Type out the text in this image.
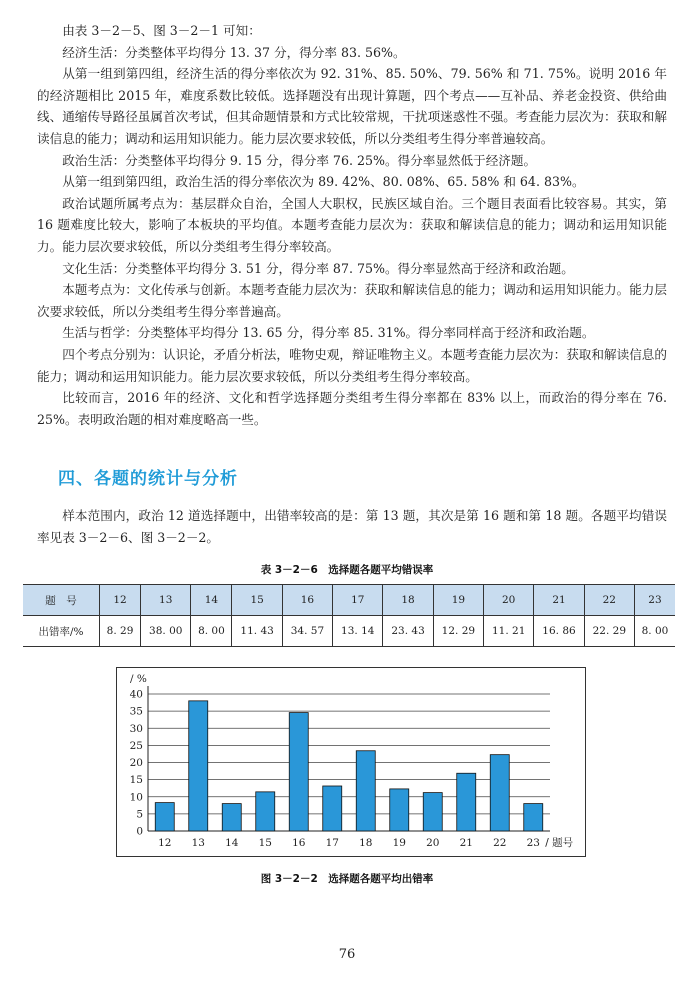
由表 3－2－5、图 3－2－1 可知：

经济生活：分类整体平均得分 13. 37 分，得分率 83. 56%。

从第一组到第四组，经济生活的得分率依次为 92. 31%、85. 50%、79. 56% 和 71. 75%。说明 2016 年的经济题相比 2015 年，难度系数比较低。选择题没有出现计算题，四个考点——互补品、养老金投资、供给曲线、通缩传导路径虽属首次考试，但其命题情景和方式比较常规，干扰项迷惑性不强。考查能力层次为：获取和解读信息的能力；调动和运用知识能力。能力层次要求较低，所以分类组考生得分率普遍较高。

政治生活：分类整体平均得分 9. 15 分，得分率 76. 25%。得分率显然低于经济题。

从第一组到第四组，政治生活的得分率依次为 89. 42%、80. 08%、65. 58% 和 64. 83%。

政治试题所属考点为：基层群众自治，全国人大职权，民族区域自治。三个题目表面看比较容易。其实，第 16 题难度比较大，影响了本板块的平均值。本题考查能力层次为：获取和解读信息的能力；调动和运用知识能力。能力层次要求较低，所以分类组考生得分率较高。

文化生活：分类整体平均得分 3. 51 分，得分率 87. 75%。得分率显然高于经济和政治题。

本题考点为：文化传承与创新。本题考查能力层次为：获取和解读信息的能力；调动和运用知识能力。能力层次要求较低，所以分类组考生得分率普遍高。

生活与哲学：分类整体平均得分 13. 65 分，得分率 85. 31%。得分率同样高于经济和政治题。

四个考点分别为：认识论，矛盾分析法，唯物史观，辩证唯物主义。本题考查能力层次为：获取和解读信息的能力；调动和运用知识能力。能力层次要求较低，所以分类组考生得分率较高。

比较而言，2016 年的经济、文化和哲学选择题分类组考生得分率都在 83% 以上，而政治的得分率在 76. 25%。表明政治题的相对难度略高一些。

四、各题的统计与分析

样本范围内，政治 12 道选择题中，出错率较高的是：第 13 题，其次是第 16 题和第 18 题。各题平均错误率见表 3－2－6、图 3－2－2。

表 3－2－6　选择题各题平均错误率
题　号	12	13	14	15	16	17	18	19	20	21	22	23
出错率/%	8. 29	38. 00	8. 00	11. 43	34. 57	13. 14	23. 43	12. 29	11. 21	16. 86	22. 29	8. 00
0
5
10
15
20
25
30
35
40
/ %
12 13 14 15 16 17 18 19 20 21 22 23 / 题号
图 3－2－2　选择题各题平均出错率
76
